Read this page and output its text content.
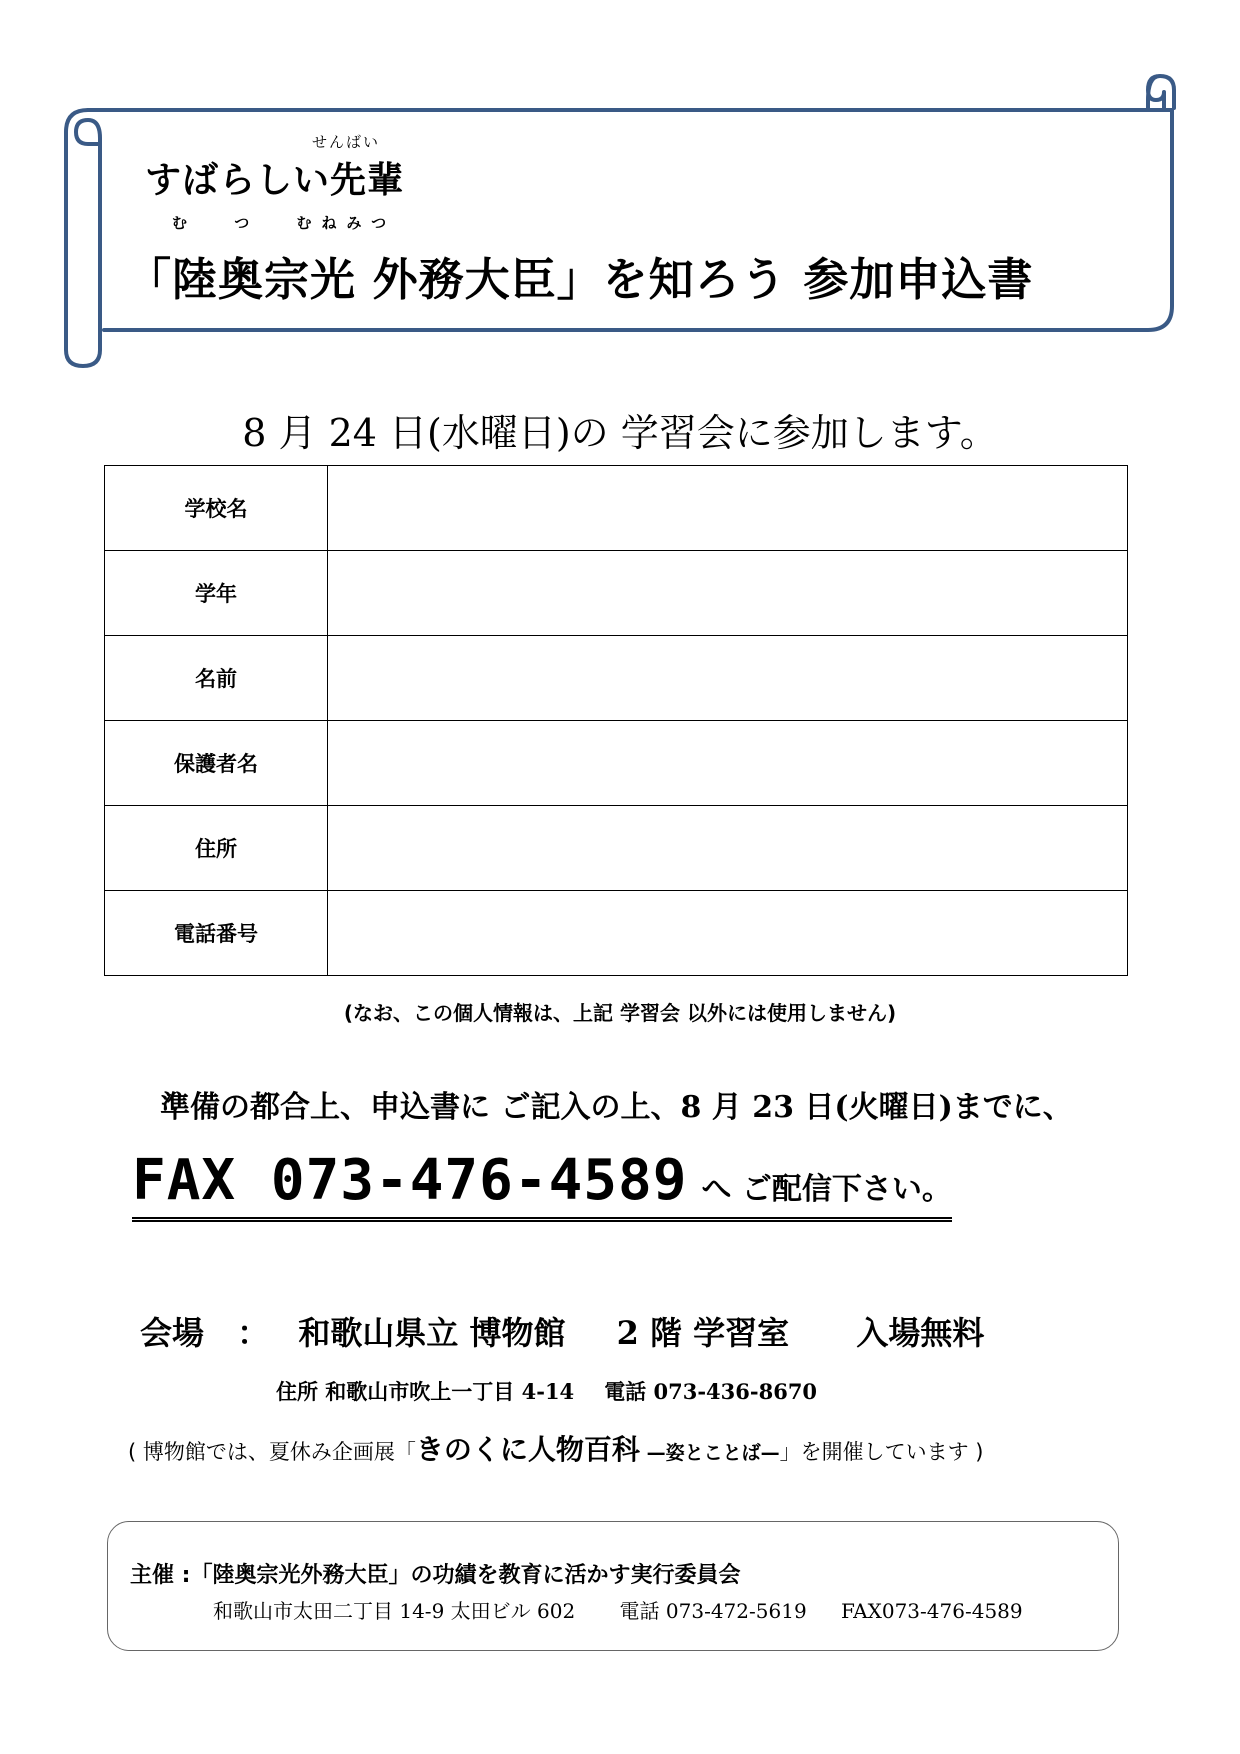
せんばい
すばらしい先輩
む つ むねみつ
「陸奥宗光 外務大臣」を知ろう 参加申込書
8 月 24 日(水曜日)の 学習会に参加します。
学校名	
学年	
名前	
保護者名	
住所	
電話番号	
(なお、この個人情報は、上記 学習会 以外には使用しません)
準備の都合上、申込書に ご記入の上、8 月 23 日(火曜日)までに、
FAX 073-476-4589 へ ご配信下さい。
会場 ： 和歌山県立 博物館 2 階 学習室 入場無料
住所 和歌山市吹上一丁目 4-14 電話 073-436-8670
( 博物館では、夏休み企画展「きのくに人物百科 —姿とことば—」を開催しています )
主催 :「陸奥宗光外務大臣」の功績を教育に活かす実行委員会
和歌山市太田二丁目 14-9 太田ビル 602 電話 073-472-5619 FAX073-476-4589
